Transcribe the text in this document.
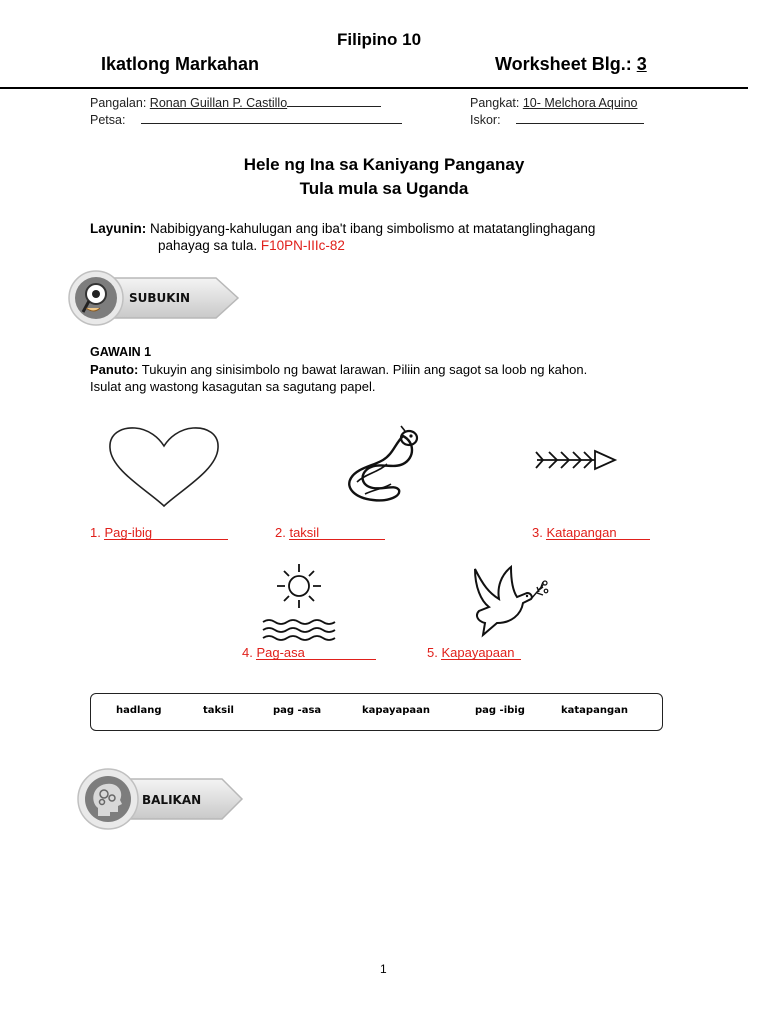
Filipino 10
Ikatlong Markahan	Worksheet Blg.: 3
Pangalan: Ronan Guillan P. Castillo
Petsa:
Pangkat: 10- Melchora Aquino
Iskor:
Hele ng Ina sa Kaniyang Panganay
Tula mula sa Uganda
Layunin: Nabibigyang-kahulugan ang iba't ibang simbolismo at matatanglinghagang
pahayag sa tula. F10PN-IIIc-82
SUBUKIN
GAWAIN 1
Panuto: Tukuyin ang sinisimbolo ng bawat larawan. Piliin ang sagot sa loob ng kahon.
Isulat ang wastong kasagutan sa sagutang papel.
1. Pag-ibig	2. taksil	3. Katapangan
4. Pag-asa	5. Kapayapaan
hadlang	taksil	pag -asa	kapayapaan	pag -ibig	katapangan
BALIKAN
1
